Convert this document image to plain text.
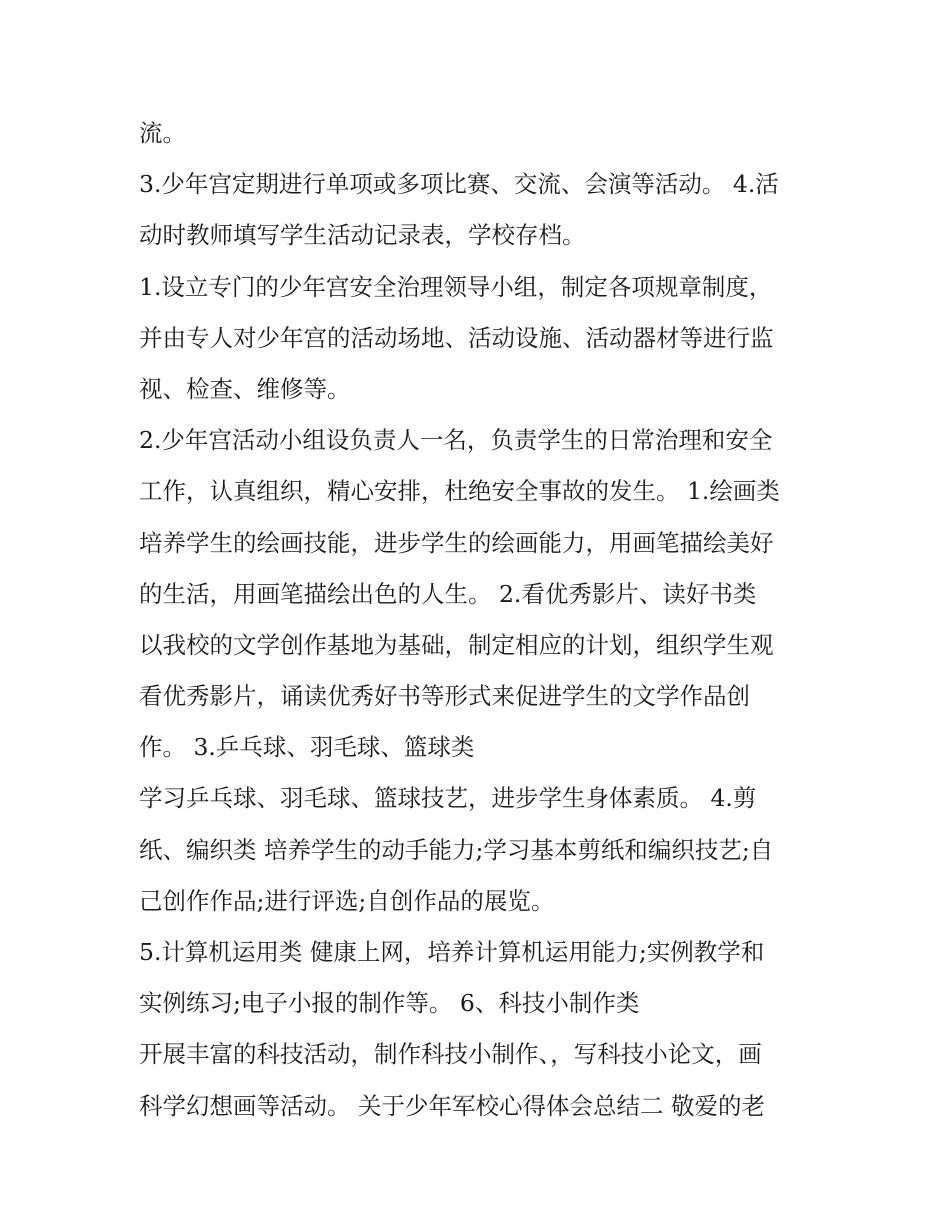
流。
3.少年宫定期进行单项或多项比赛、交流、会演等活动。 4.活
动时教师填写学生活动记录表，学校存档。
1.设立专门的少年宫安全治理领导小组，制定各项规章制度，
并由专人对少年宫的活动场地、活动设施、活动器材等进行监
视、检查、维修等。
2.少年宫活动小组设负责人一名，负责学生的日常治理和安全
工作，认真组织，精心安排，杜绝安全事故的发生。 1.绘画类
培养学生的绘画技能，进步学生的绘画能力，用画笔描绘美好
的生活，用画笔描绘出色的人生。 2.看优秀影片、读好书类
以我校的文学创作基地为基础，制定相应的计划，组织学生观
看优秀影片，诵读优秀好书等形式来促进学生的文学作品创
作。 3.乒乓球、羽毛球、篮球类
学习乒乓球、羽毛球、篮球技艺，进步学生身体素质。 4.剪
纸、编织类 培养学生的动手能力;学习基本剪纸和编织技艺;自
己创作作品;进行评选;自创作品的展览。
5.计算机运用类 健康上网，培养计算机运用能力;实例教学和
实例练习;电子小报的制作等。 6、科技小制作类
开展丰富的科技活动，制作科技小制作、，写科技小论文，画
科学幻想画等活动。 关于少年军校心得体会总结二 敬爱的老
